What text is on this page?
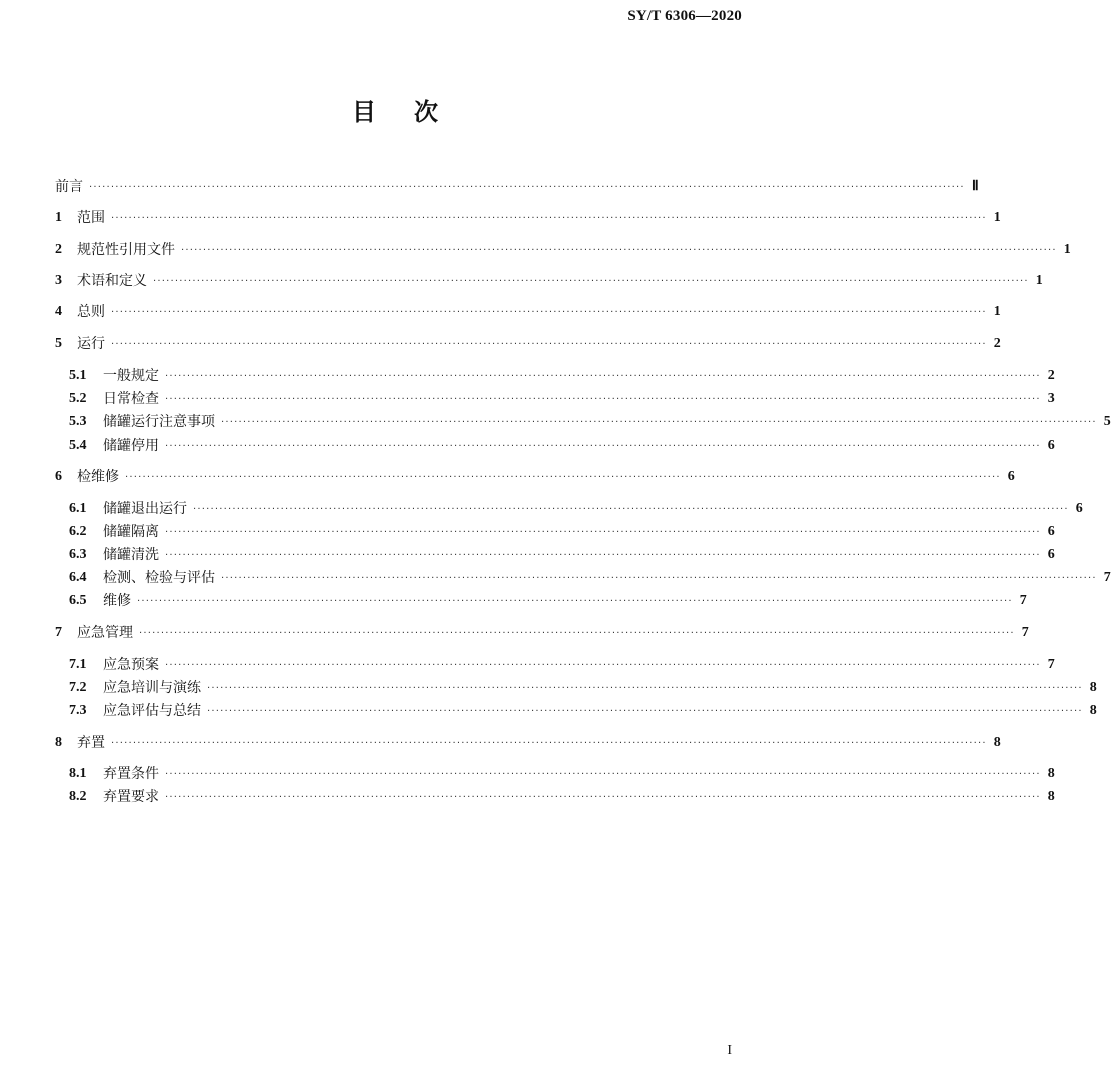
SY/T 6306—2020
目次
前言 ········································································································································································································ Ⅱ
1	范围 ········································································································································································································ 1
2	规范性引用文件 ········································································································································································································ 1
3	术语和定义 ········································································································································································································ 1
4	总则 ········································································································································································································ 1
5	运行 ········································································································································································································ 2
5.1	一般规定 ········································································································································································································ 2
5.2	日常检查 ········································································································································································································ 3
5.3	储罐运行注意事项 ········································································································································································································ 5
5.4	储罐停用 ········································································································································································································ 6
6	检维修 ········································································································································································································ 6
6.1	储罐退出运行 ········································································································································································································ 6
6.2	储罐隔离 ········································································································································································································ 6
6.3	储罐清洗 ········································································································································································································ 6
6.4	检测、检验与评估 ········································································································································································································ 7
6.5	维修 ········································································································································································································ 7
7	应急管理 ········································································································································································································ 7
7.1	应急预案 ········································································································································································································ 7
7.2	应急培训与演练 ········································································································································································································ 8
7.3	应急评估与总结 ········································································································································································································ 8
8	弃置 ········································································································································································································ 8
8.1	弃置条件 ········································································································································································································ 8
8.2	弃置要求 ········································································································································································································ 8
I
